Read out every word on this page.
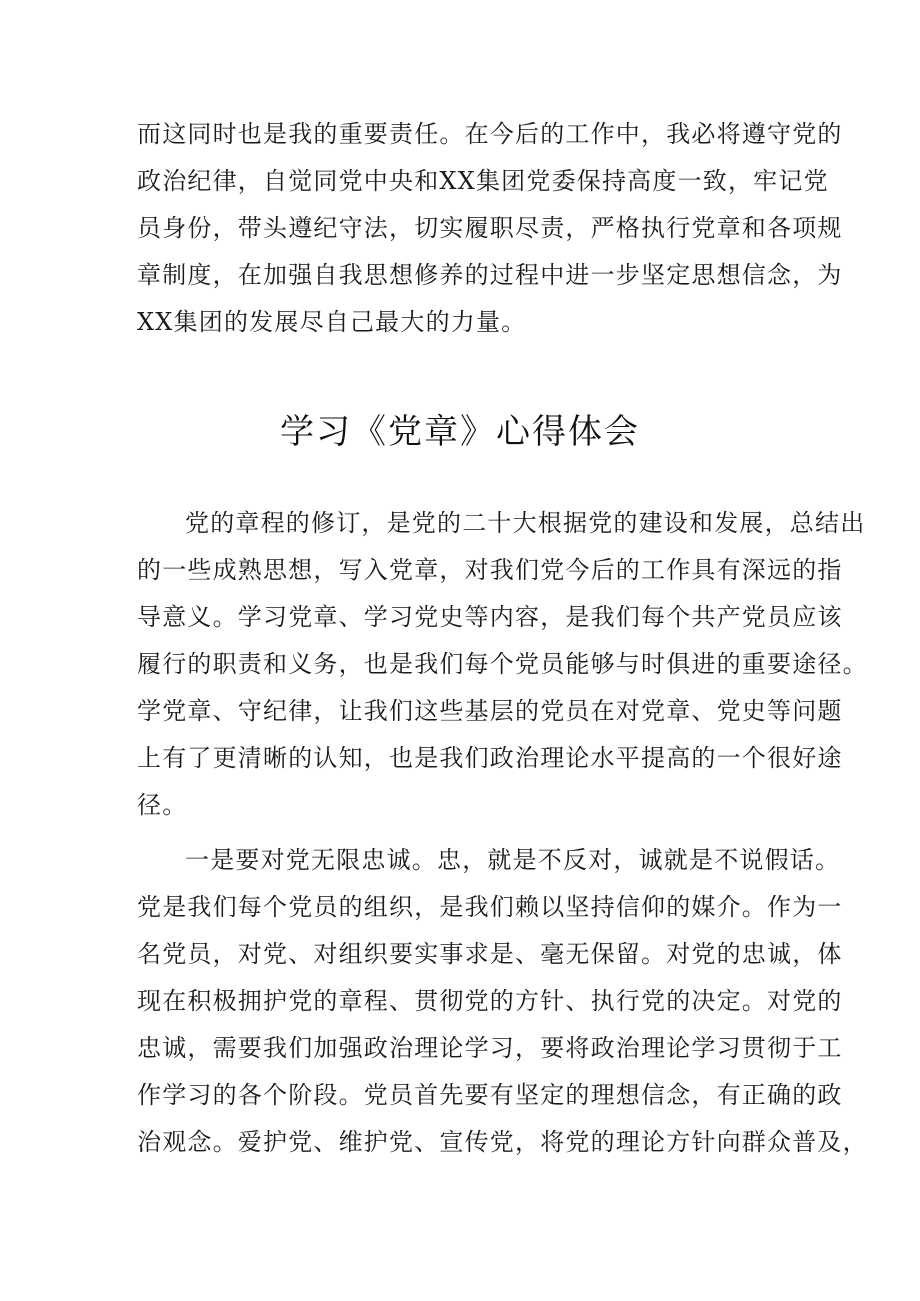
而这同时也是我的重要责任。在今后的工作中，我必将遵守党的

政治纪律，自觉同党中央和XX集团党委保持高度一致，牢记党

员身份，带头遵纪守法，切实履职尽责，严格执行党章和各项规

章制度，在加强自我思想修养的过程中进一步坚定思想信念，为

XX集团的发展尽自己最大的力量。

学习《党章》心得体会

党的章程的修订，是党的二十大根据党的建设和发展，总结出

的一些成熟思想，写入党章，对我们党今后的工作具有深远的指

导意义。学习党章、学习党史等内容，是我们每个共产党员应该

履行的职责和义务，也是我们每个党员能够与时俱进的重要途径。

学党章、守纪律，让我们这些基层的党员在对党章、党史等问题

上有了更清晰的认知，也是我们政治理论水平提高的一个很好途

径。

一是要对党无限忠诚。忠，就是不反对，诚就是不说假话。

党是我们每个党员的组织，是我们赖以坚持信仰的媒介。作为一

名党员，对党、对组织要实事求是、毫无保留。对党的忠诚，体

现在积极拥护党的章程、贯彻党的方针、执行党的决定。对党的

忠诚，需要我们加强政治理论学习，要将政治理论学习贯彻于工

作学习的各个阶段。党员首先要有坚定的理想信念，有正确的政

治观念。爱护党、维护党、宣传党，将党的理论方针向群众普及，
